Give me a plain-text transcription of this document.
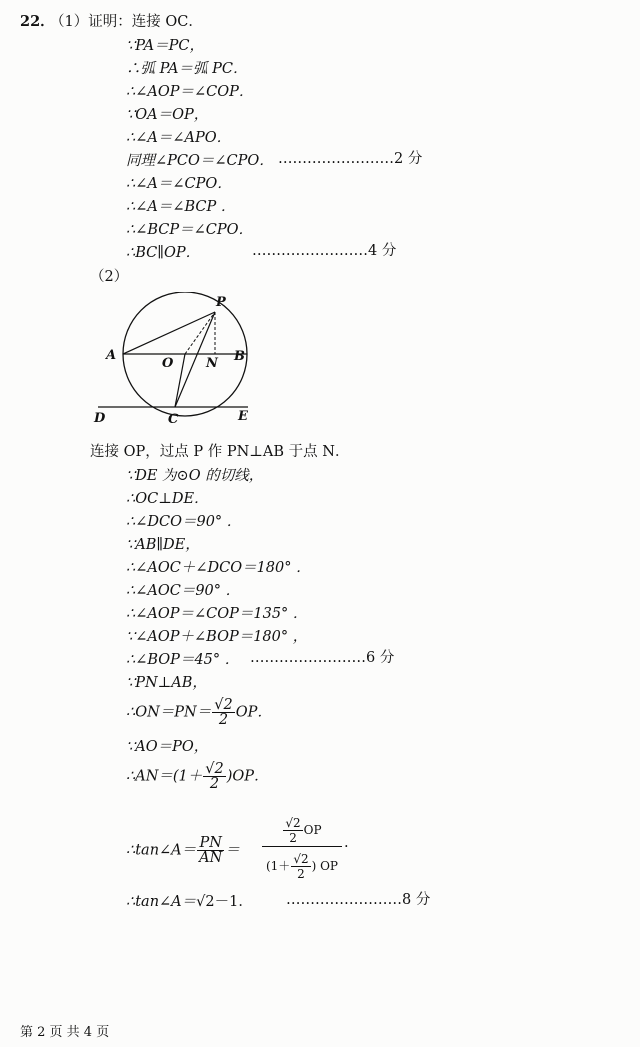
22．
（1）证明：连接 OC．
∵PA＝PC，
∴弧 PA＝弧 PC．
∴∠AOP＝∠COP．
∵OA＝OP，
∴∠A＝∠APO．
同理∠PCO＝∠CPO． ……………………2 分
∴∠A＝∠CPO．
∴∠A＝∠BCP ．
∴∠BCP＝∠CPO．
∴BC∥OP．	……………………4 分
（2）
P
A
O	N B
D	C	E
连接 OP，过点 P 作 PN⊥AB 于点 N．
∵DE 为⊙O 的切线，
∴OC⊥DE．
∴∠DCO＝90° ．
∵AB∥DE，
∴∠AOC＋∠DCO＝180° ．
∴∠AOC＝90° ．
∴∠AOP＝∠COP＝135° ．
∵∠AOP＋∠BOP＝180° ，
∴∠BOP＝45° ． ……………………6 分
∵PN⊥AB，
∴ON＝PN＝ $\frac{√2}{2}$ OP．
∵AO＝PO，
∴AN＝(1＋ $\frac{√2}{2} )OP$．
∴tan∠A＝ $\frac{PN}{AN}$ ＝
$\frac{√2}{2}$ OP
.
($1+ \frac{√2}{2}$ ) OP
∴tan∠A＝√2－1． ……………………8 分
第 2 页 共 4 页
